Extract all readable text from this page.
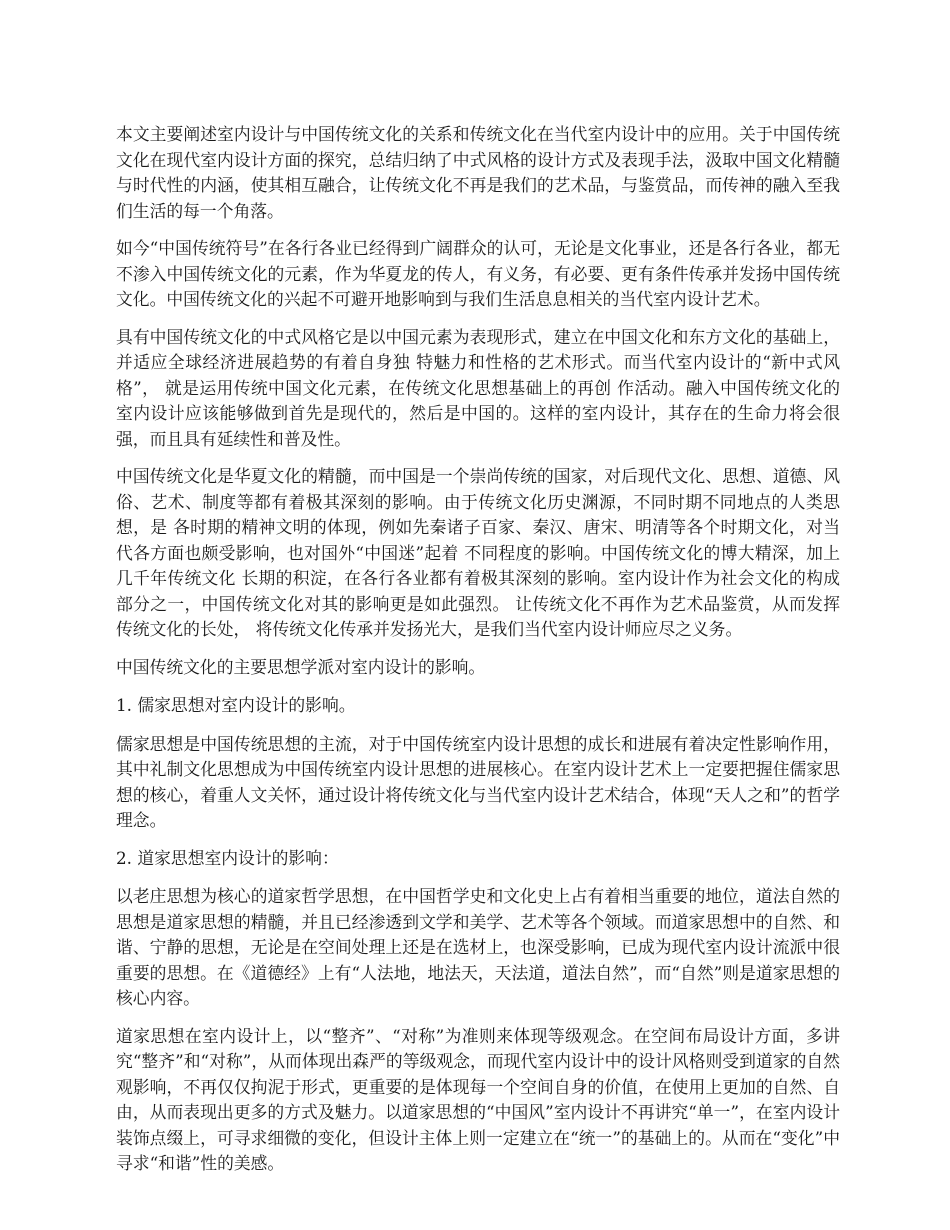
本文主要阐述室内设计与中国传统文化的关系和传统文化在当代室内设计中的应用。关于中国传统文化在现代室内设计方面的探究，总结归纳了中式风格的设计方式及表现手法，汲取中国文化精髓与时代性的内涵，使其相互融合，让传统文化不再是我们的艺术品，与鉴赏品，而传神的融入至我们生活的每一个角落。

如今“中国传统符号”在各行各业已经得到广阔群众的认可，无论是文化事业，还是各行各业，都无不渗入中国传统文化的元素，作为华夏龙的传人，有义务，有必要、更有条件传承并发扬中国传统文化。中国传统文化的兴起不可避开地影响到与我们生活息息相关的当代室内设计艺术。

具有中国传统文化的中式风格它是以中国元素为表现形式，建立在中国文化和东方文化的基础上，并适应全球经济进展趋势的有着自身独 特魅力和性格的艺术形式。而当代室内设计的“新中式风格”， 就是运用传统中国文化元素，在传统文化思想基础上的再创 作活动。融入中国传统文化的室内设计应该能够做到首先是现代的，然后是中国的。这样的室内设计，其存在的生命力将会很强，而且具有延续性和普及性。

中国传统文化是华夏文化的精髓，而中国是一个崇尚传统的国家，对后现代文化、思想、道德、风俗、艺术、制度等都有着极其深刻的影响。由于传统文化历史渊源，不同时期不同地点的人类思想，是 各时期的精神文明的体现，例如先秦诸子百家、秦汉、唐宋、明清等各个时期文化，对当代各方面也颇受影响，也对国外“中国迷”起着 不同程度的影响。中国传统文化的博大精深，加上几千年传统文化 长期的积淀，在各行各业都有着极其深刻的影响。室内设计作为社会文化的构成部分之一，中国传统文化对其的影响更是如此强烈。 让传统文化不再作为艺术品鉴赏，从而发挥传统文化的长处， 将传统文化传承并发扬光大，是我们当代室内设计师应尽之义务。

中国传统文化的主要思想学派对室内设计的影响。

1. 儒家思想对室内设计的影响。

儒家思想是中国传统思想的主流，对于中国传统室内设计思想的成长和进展有着决定性影响作用，其中礼制文化思想成为中国传统室内设计思想的进展核心。在室内设计艺术上一定要把握住儒家思想的核心，着重人文关怀，通过设计将传统文化与当代室内设计艺术结合，体现“天人之和”的哲学理念。

2. 道家思想室内设计的影响：

以老庄思想为核心的道家哲学思想，在中国哲学史和文化史上占有着相当重要的地位，道法自然的思想是道家思想的精髓，并且已经渗透到文学和美学、艺术等各个领域。而道家思想中的自然、和谐、宁静的思想，无论是在空间处理上还是在选材上，也深受影响，已成为现代室内设计流派中很重要的思想。在《道德经》上有“人法地，地法天，天法道，道法自然”，而“自然”则是道家思想的核心内容。

道家思想在室内设计上，以“整齐”、“对称”为准则来体现等级观念。在空间布局设计方面，多讲究“整齐”和“对称”，从而体现出森严的等级观念，而现代室内设计中的设计风格则受到道家的自然观影响，不再仅仅拘泥于形式，更重要的是体现每一个空间自身的价值，在使用上更加的自然、自由，从而表现出更多的方式及魅力。以道家思想的“中国风”室内设计不再讲究“单一”，在室内设计装饰点缀上，可寻求细微的变化，但设计主体上则一定建立在“统一”的基础上的。从而在“变化”中寻求“和谐”性的美感。
